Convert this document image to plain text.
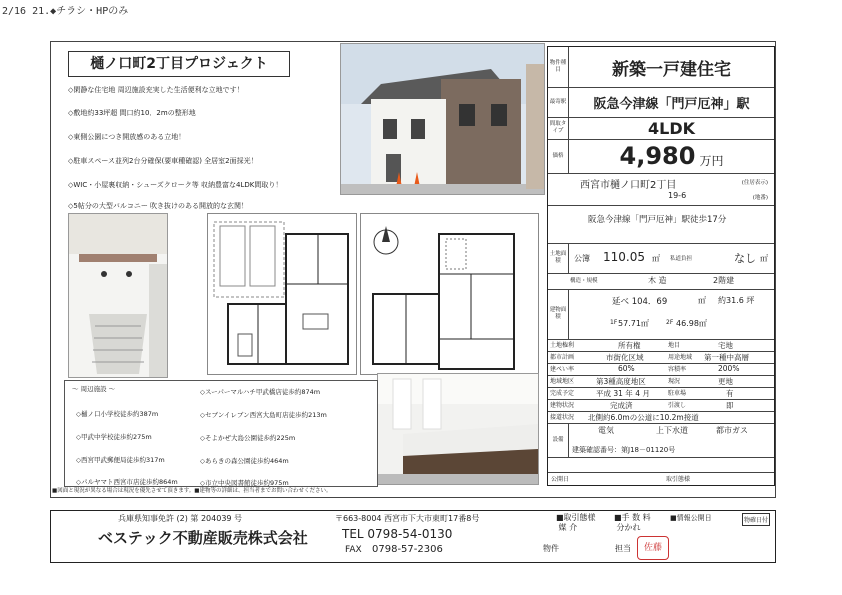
2/16 21.◆チラシ・HPのみ
樋ノ口町2丁目プロジェクト
◇閑静な住宅地 周辺施設充実した生活便利な立地です！
◇敷地約33坪超 間口約10．2mの整形地
◇東側公園につき開放感のある立地！
◇駐車スペース並列2台分確保(要車種確認) 全居室2面採光！
◇WIC・小屋裏収納・シューズクローク等 収納豊富な4LDK間取り！
◇5帖分の大型バルコニー 吹き抜けのある開放的な玄関！
～ 周辺施設 ～	◇スーパーマルハチ甲武橋店徒歩約874m
◇樋ノ口小学校徒歩約387m	◇セブンイレブン西宮大島町店徒歩約213m
◇甲武中学校徒歩約275m	◇そよかぜ大島公園徒歩約225m
◇西宮甲武郵便局徒歩約317m	◇あらきの森公園徒歩約464m
◇パルヤマト西宮市店徒歩約864m	◇市立中央図書館徒歩約975m
■図面と現況が異なる場合は現況を優先させて頂きます。■建物等の詳細は、担当者までお問い合わせください。
物件種目	新築一戸建住宅
最寄駅	阪急今津線「門戸厄神」駅
間取タイプ	4LDK
価格 4,980 万円
西宮市樋ノ口町2丁目	(住居表示)
19-6	(地番)
阪急今津線「門戸厄神」駅徒歩17分
土地面積	公簿 110.05 ㎡ 私道負担	なし ㎡
構造・規模	木 造	2階建
建物面積
延べ 104．69	㎡ 約31.6 坪
1F 57.71㎡	2F 46.98㎡
土地権利	所有権	地目	宅地
都市計画	市街化区域	用途地域 第一種中高層
建ぺい率	60%	容積率	200%
地域地区	第3種高度地区	現況	更地
完成予定	平成 31 年 4 月	駐車場	有
建物状況	完成済	引渡し	即
接道状況 北側約6.0mの公道に10.2m接道
設備
電気	上下水道	都市ガス
建築確認番号：第J18－01120号
公開日	取引態様
兵庫県知事免許 (2) 第 204039 号
ベステック不動産販売株式会社
〒663-8004 西宮市下大市東町17番8号
TEL 0798-54-0130
FAX 0798-57-2306
■取引態様
媒 介
■手 数 料
分かれ
■情報公開日	物確日付
物件	担当	佐藤
